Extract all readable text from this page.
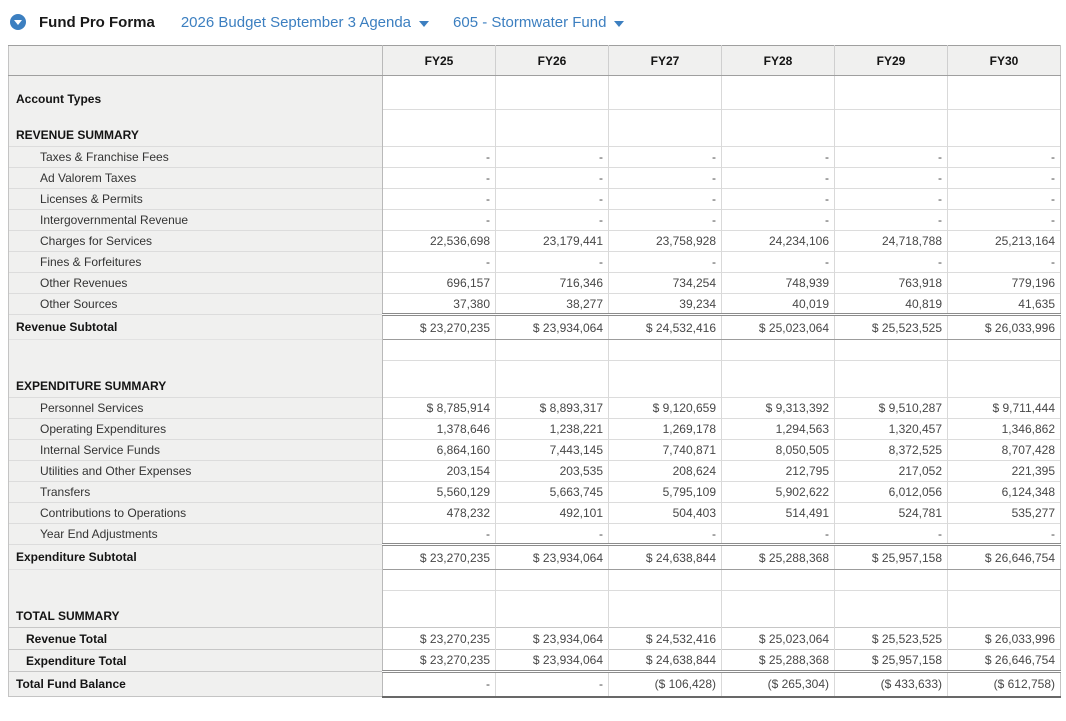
Fund Pro Forma 2026 Budget September 3 Agenda	605 - Stormwater Fund
	FY25	FY26	FY27	FY28	FY29	FY30
Account Types						
REVENUE SUMMARY						
Taxes & Franchise Fees	-	-	-	-	-	-
Ad Valorem Taxes	-	-	-	-	-	-
Licenses & Permits	-	-	-	-	-	-
Intergovernmental Revenue	-	-	-	-	-	-
Charges for Services	22,536,698	23,179,441	23,758,928	24,234,106	24,718,788	25,213,164
Fines & Forfeitures	-	-	-	-	-	-
Other Revenues	696,157	716,346	734,254	748,939	763,918	779,196
Other Sources	37,380	38,277	39,234	40,019	40,819	41,635
Revenue Subtotal	$ 23,270,235	$ 23,934,064	$ 24,532,416	$ 25,023,064	$ 25,523,525	$ 26,033,996

EXPENDITURE SUMMARY						
Personnel Services	$ 8,785,914	$ 8,893,317	$ 9,120,659	$ 9,313,392	$ 9,510,287	$ 9,711,444
Operating Expenditures	1,378,646	1,238,221	1,269,178	1,294,563	1,320,457	1,346,862
Internal Service Funds	6,864,160	7,443,145	7,740,871	8,050,505	8,372,525	8,707,428
Utilities and Other Expenses	203,154	203,535	208,624	212,795	217,052	221,395
Transfers	5,560,129	5,663,745	5,795,109	5,902,622	6,012,056	6,124,348
Contributions to Operations	478,232	492,101	504,403	514,491	524,781	535,277
Year End Adjustments	-	-	-	-	-	-
Expenditure Subtotal	$ 23,270,235	$ 23,934,064	$ 24,638,844	$ 25,288,368	$ 25,957,158	$ 26,646,754

TOTAL SUMMARY						
Revenue Total	$ 23,270,235	$ 23,934,064	$ 24,532,416	$ 25,023,064	$ 25,523,525	$ 26,033,996
Expenditure Total	$ 23,270,235	$ 23,934,064	$ 24,638,844	$ 25,288,368	$ 25,957,158	$ 26,646,754
Total Fund Balance	-	-	($ 106,428)	($ 265,304)	($ 433,633)	($ 612,758)
